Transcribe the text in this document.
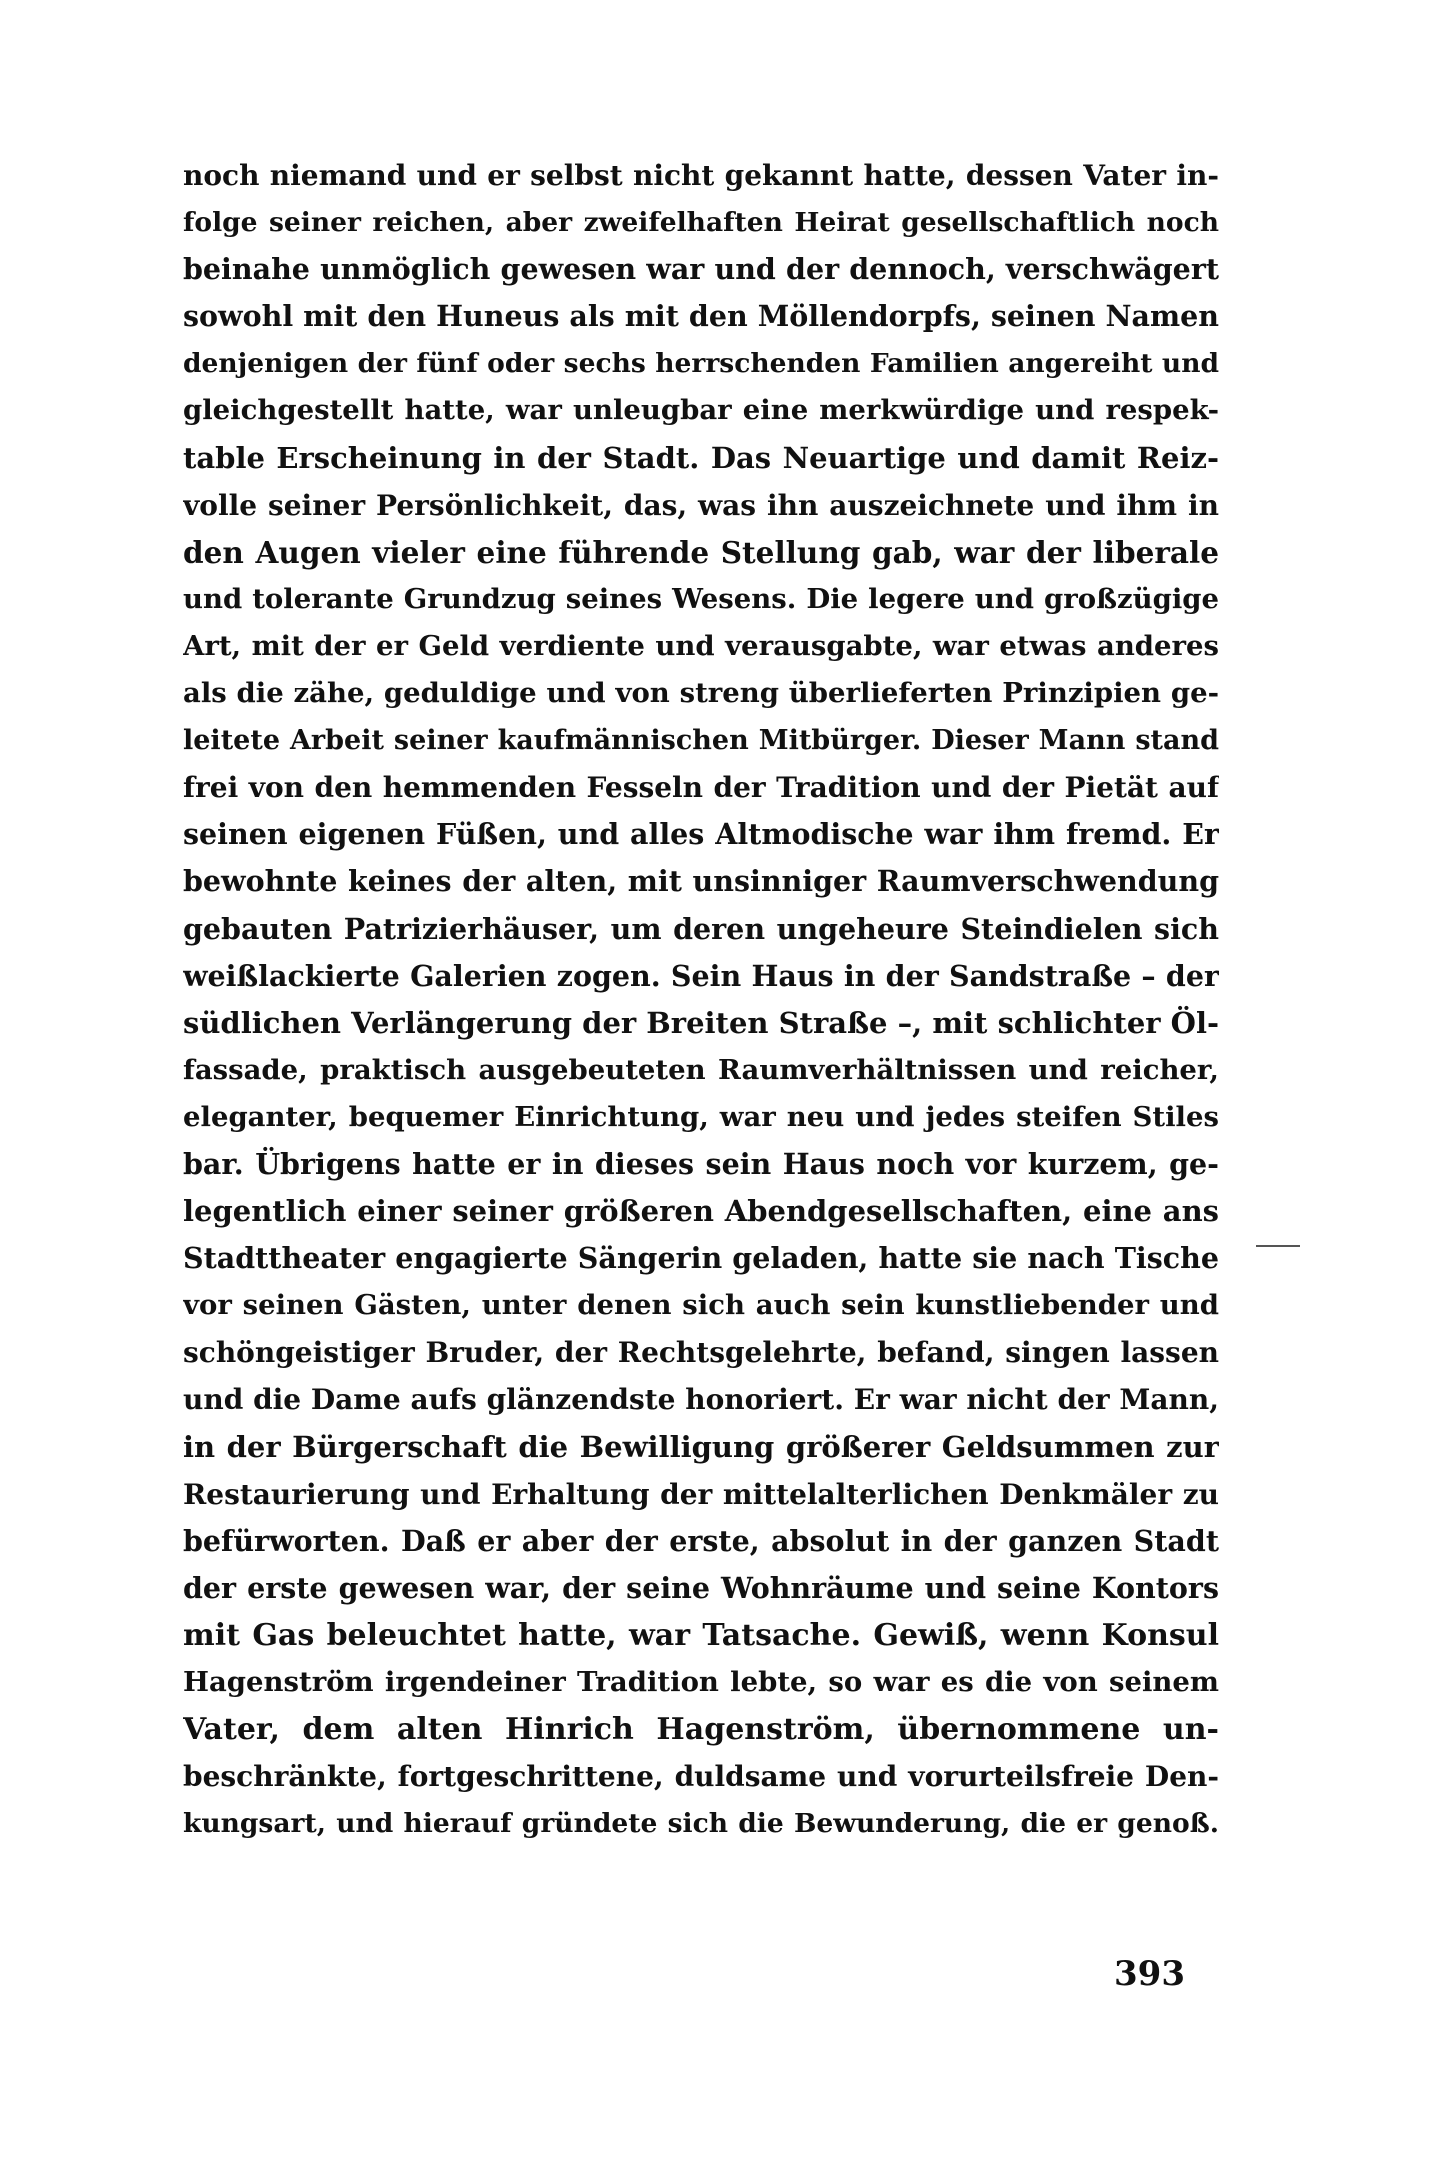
noch niemand und er selbst nicht gekannt hatte, dessen Vater in-
folge seiner reichen, aber zweifelhaften Heirat gesellschaftlich noch
beinahe unmöglich gewesen war und der dennoch, verschwägert
sowohl mit den Huneus als mit den Möllendorpfs, seinen Namen
denjenigen der fünf oder sechs herrschenden Familien angereiht und
gleichgestellt hatte, war unleugbar eine merkwürdige und respek-
table Erscheinung in der Stadt. Das Neuartige und damit Reiz-
volle seiner Persönlichkeit, das, was ihn auszeichnete und ihm in
den Augen vieler eine führende Stellung gab, war der liberale
und tolerante Grundzug seines Wesens. Die legere und großzügige
Art, mit der er Geld verdiente und verausgabte, war etwas anderes
als die zähe, geduldige und von streng überlieferten Prinzipien ge-
leitete Arbeit seiner kaufmännischen Mitbürger. Dieser Mann stand
frei von den hemmenden Fesseln der Tradition und der Pietät auf
seinen eigenen Füßen, und alles Altmodische war ihm fremd. Er
bewohnte keines der alten, mit unsinniger Raumverschwendung
gebauten Patrizierhäuser, um deren ungeheure Steindielen sich
weißlackierte Galerien zogen. Sein Haus in der Sandstraße – der
südlichen Verlängerung der Breiten Straße –, mit schlichter Öl-
fassade, praktisch ausgebeuteten Raumverhältnissen und reicher,
eleganter, bequemer Einrichtung, war neu und jedes steifen Stiles
bar. Übrigens hatte er in dieses sein Haus noch vor kurzem, ge-
legentlich einer seiner größeren Abendgesellschaften, eine ans
Stadttheater engagierte Sängerin geladen, hatte sie nach Tische
vor seinen Gästen, unter denen sich auch sein kunstliebender und
schöngeistiger Bruder, der Rechtsgelehrte, befand, singen lassen
und die Dame aufs glänzendste honoriert. Er war nicht der Mann,
in der Bürgerschaft die Bewilligung größerer Geldsummen zur
Restaurierung und Erhaltung der mittelalterlichen Denkmäler zu
befürworten. Daß er aber der erste, absolut in der ganzen Stadt
der erste gewesen war, der seine Wohnräume und seine Kontors
mit Gas beleuchtet hatte, war Tatsache. Gewiß, wenn Konsul
Hagenström irgendeiner Tradition lebte, so war es die von seinem
Vater, dem alten Hinrich Hagenström, übernommene un-
beschränkte, fortgeschrittene, duldsame und vorurteilsfreie Den-
kungsart, und hierauf gründete sich die Bewunderung, die er genoß.
393
